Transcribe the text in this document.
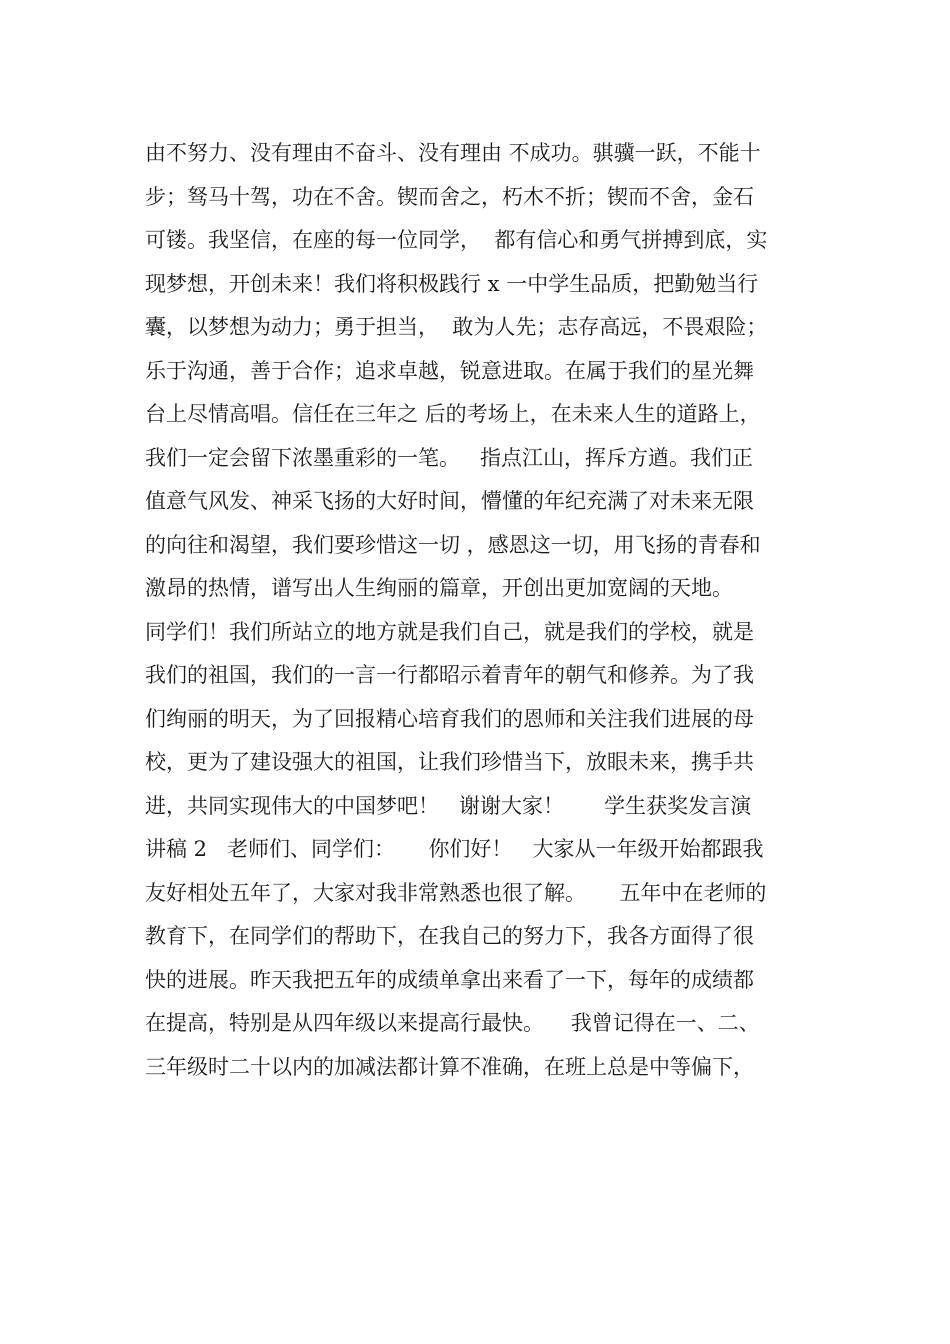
由不努力、没有理由不奋斗、没有理由 不成功。骐骥一跃，不能十
步；驽马十驾，功在不舍。锲而舍之，朽木不折；锲而不舍，金石
可镂。我坚信，在座的每一位同学，  都有信心和勇气拼搏到底，实
现梦想，开创未来！我们将积极践行 x 一中学生品质，把勤勉当行
囊，以梦想为动力；勇于担当，  敢为人先；志存高远，不畏艰险；
乐于沟通，善于合作；追求卓越，锐意进取。在属于我们的星光舞
台上尽情高唱。信任在三年之 后的考场上，在未来人生的道路上，
我们一定会留下浓墨重彩的一笔。   指点江山，挥斥方遒。我们正
值意气风发、神采飞扬的大好时间，懵懂的年纪充满了对未来无限
的向往和渴望，我们要珍惜这一切 ，感恩这一切，用飞扬的青春和
激昂的热情，谱写出人生绚丽的篇章，开创出更加宽阔的天地。
同学们！我们所站立的地方就是我们自己，就是我们的学校，就是
我们的祖国，我们的一言一行都昭示着青年的朝气和修养。为了我
们绚丽的明天，为了回报精心培育我们的恩师和关注我们进展的母
校，更为了建设强大的祖国，让我们珍惜当下，放眼未来，携手共
进，共同实现伟大的中国梦吧！   谢谢大家！      学生获奖发言演
讲稿 2   老师们、同学们：     你们好！   大家从一年级开始都跟我
友好相处五年了，大家对我非常熟悉也很了解。     五年中在老师的
教育下，在同学们的帮助下，在我自己的努力下，我各方面得了很
快的进展。昨天我把五年的成绩单拿出来看了一下，每年的成绩都
在提高，特别是从四年级以来提高行最快。    我曾记得在一、二、
三年级时二十以内的加减法都计算不准确，在班上总是中等偏下，
